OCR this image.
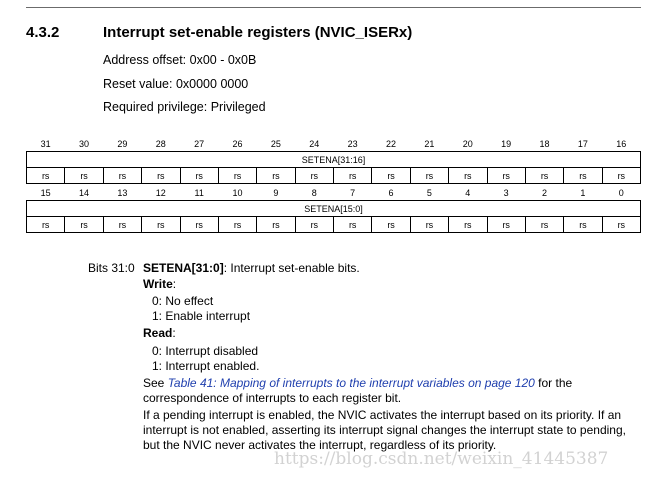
4.3.2	Interrupt set-enable registers (NVIC_ISERx)
Address offset: 0x00 - 0x0B
Reset value: 0x0000 0000
Required privilege: Privileged
31	30	29	28	27	26	25	24	23	22	21	20	19	18	17	16
SETENA[31:16]															
rs	rs	rs	rs	rs	rs	rs	rs	rs	rs	rs	rs	rs	rs	rs	rs
15	14	13	12	11	10	9	8	7	6	5	4	3	2	1	0
SETENA[15:0]															
rs	rs	rs	rs	rs	rs	rs	rs	rs	rs	rs	rs	rs	rs	rs	rs
Bits 31:0 SETENA[31:0]: Interrupt set-enable bits.
Write:
0: No effect
1: Enable interrupt
Read:
0: Interrupt disabled
1: Interrupt enabled.
See Table 41: Mapping of interrupts to the interrupt variables on page 120 for the
correspondence of interrupts to each register bit.
If a pending interrupt is enabled, the NVIC activates the interrupt based on its priority. If an
interrupt is not enabled, asserting its interrupt signal changes the interrupt state to pending,
but the NVIC never activates the interrupt, regardless of its priority.
https://blog.csdn.net/weixin_41445387
